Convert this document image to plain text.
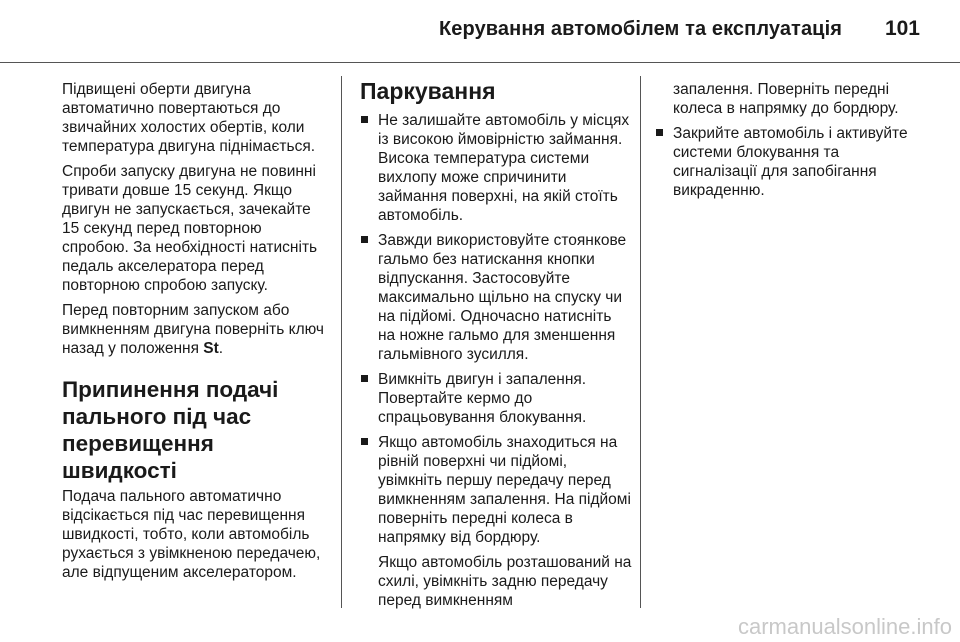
Керування автомобілем та експлуатація 101

Підвищені оберти двигуна автоматично повертаються до звичайних холостих обертів, коли температура двигуна піднімається.

Спроби запуску двигуна не повинні тривати довше 15 секунд. Якщо двигун не запускається, зачекайте 15 секунд перед повторною спробою. За необхідності натисніть педаль акселератора перед повторною спробою запуску.

Перед повторним запуском або вимкненням двигуна поверніть ключ назад у положення St.

Припинення подачі пального під час перевищення швидкості

Подача пального автоматично відсікається під час перевищення швидкості, тобто, коли автомобіль рухається з увімкненою передачею, але відпущеним акселератором.

Паркування
Не залишайте автомобіль у місцях із високою ймовірністю займання. Висока температура системи вихлопу може спричинити займання поверхні, на якій стоїть автомобіль.
Завжди використовуйте стоянкове гальмо без натискання кнопки відпускання. Застосовуйте максимально щільно на спуску чи на підйомі. Одночасно натисніть на ножне гальмо для зменшення гальмівного зусилля.
Вимкніть двигун і запалення. Повертайте кермо до спрацьовування блокування.
Якщо автомобіль знаходиться на рівній поверхні чи підйомі, увімкніть першу передачу перед вимкненням запалення. На підйомі поверніть передні колеса в напрямку від бордюру.

Якщо автомобіль розташований на схилі, увімкніть задню передачу перед вимкненням

запалення. Поверніть передні колеса в напрямку до бордюру.

Закрийте автомобіль і активуйте системи блокування та сигналізації для запобігання викраденню.
carmanualsonline.info
